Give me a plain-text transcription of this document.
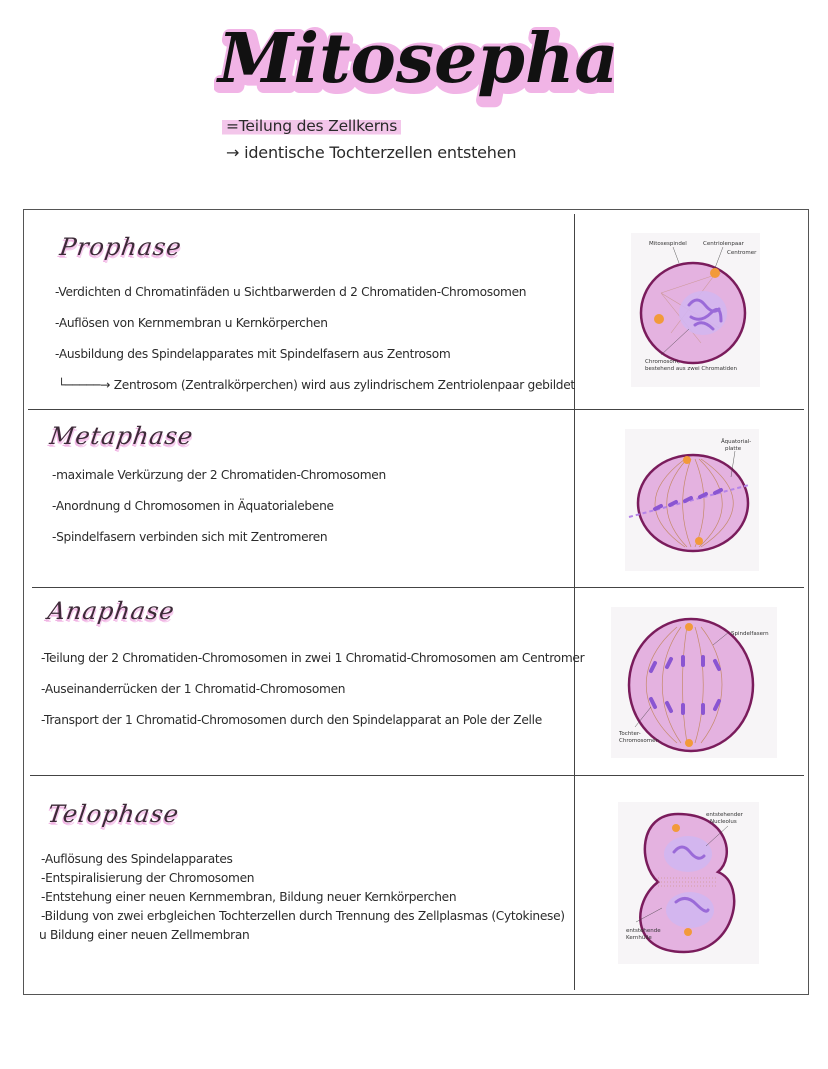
Mitosepha
Mitosepha
=Teilung des Zellkerns
→ identische Tochterzellen entstehen
Prophase
-Verdichten d Chromatinfäden u Sichtbarwerden d 2 Chromatiden-Chromosomen
-Auflösen von Kernmembran u Kernkörperchen
-Ausbildung des Spindelapparates mit Spindelfasern aus Zentrosom
└─────→ Zentrosom (Zentralkörperchen) wird aus zylindrischem Zentriolenpaar gebildet
Mitosespindel	Centriolenpaar
Centromer
Chromosom,
bestehend aus zwei Chromatiden
Metaphase
-maximale Verkürzung der 2 Chromatiden-Chromosomen
-Anordnung d Chromosomen in Äquatorialebene
-Spindelfasern verbinden sich mit Zentromeren
Äquatorial-
platte
Anaphase
-Teilung der 2 Chromatiden-Chromosomen in zwei 1 Chromatid-Chromosomen am Centromer
-Auseinanderrücken der 1 Chromatid-Chromosomen
-Transport der 1 Chromatid-Chromosomen durch den Spindelapparat an Pole der Zelle
Spindelfasern
Tochter-
Chromosomen
Telophase
-Auflösung des Spindelapparates
-Entspiralisierung der Chromosomen
-Entstehung einer neuen Kernmembran, Bildung neuer Kernkörperchen
-Bildung von zwei erbgleichen Tochterzellen durch Trennung des Zellplasmas (Cytokinese) u Bildung einer neuen Zellmembran
entstehender
Nucleolus
entstehende
Kernhülle
